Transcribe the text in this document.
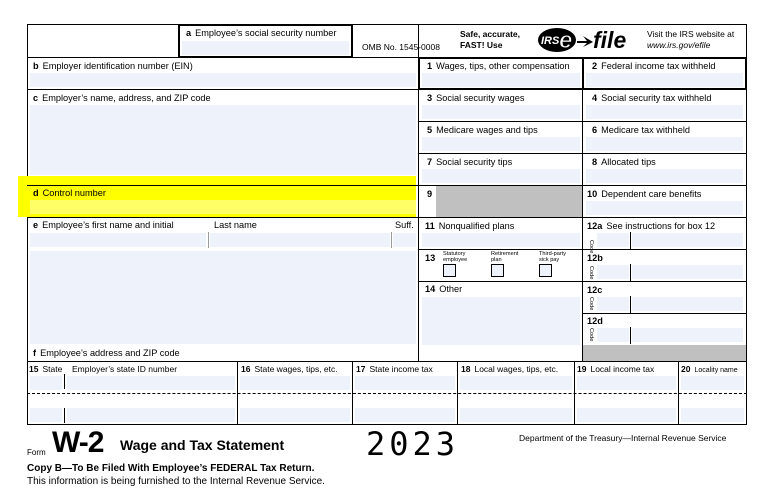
a Employee’s social security number
OMB No. 1545-0008
Safe, accurate,
FAST! Use	IRS e file Visit the IRS website at
www.irs.gov/efile
b Employer identification number (EIN)
c Employer’s name, address, and ZIP code
d Control number
e Employee’s first name and initial	Last name	Suff.
f Employee’s address and ZIP code
1 Wages, tips, other compensation 2 Federal income tax withheld
3 Social security wages	4 Social security tax withheld
5 Medicare wages and tips	6 Medicare tax withheld
7 Social security tips	8 Allocated tips
9	10 Dependent care benefits
11 Nonqualified plans	12a See instructions for box 12
Code
13	Statutory
employee
Retirement
plan
Third-party
sick pay	12b
Code
14 Other	12c
Code
12d
Code
15 State Employer’s state ID number	16 State wages, tips, etc. 17 State income tax	18 Local wages, tips, etc. 19 Local income tax	20 Locality name
Form W-2 Wage and Tax Statement	2023	Department of the Treasury—Internal Revenue Service
Copy B—To Be Filed With Employee’s FEDERAL Tax Return.
This information is being furnished to the Internal Revenue Service.
